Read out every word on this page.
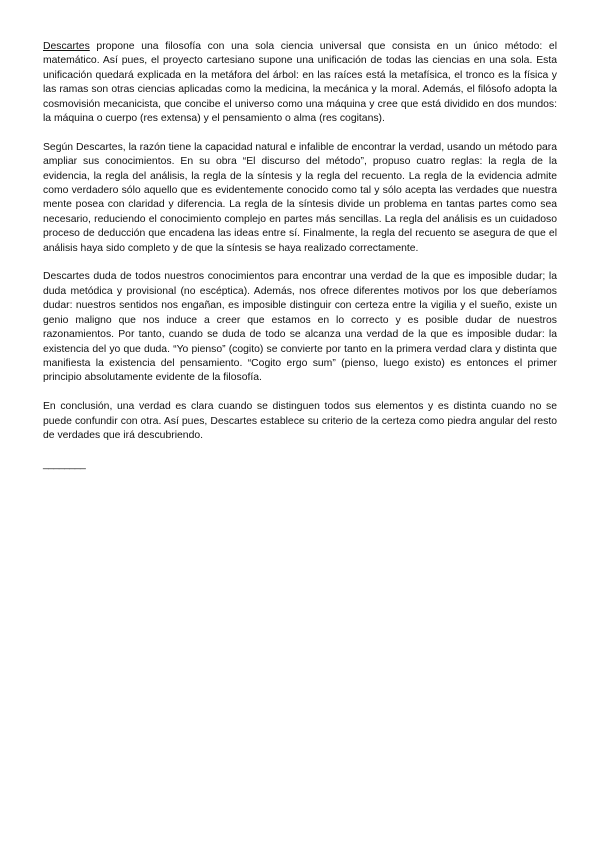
Descartes propone una filosofía con una sola ciencia universal que consista en un único método: el matemático. Así pues, el proyecto cartesiano supone una unificación de todas las ciencias en una sola. Esta unificación quedará explicada en la metáfora del árbol: en las raíces está la metafísica, el tronco es la física y las ramas son otras ciencias aplicadas como la medicina, la mecánica y la moral. Además, el filósofo adopta la cosmovisión mecanicista, que concibe el universo como una máquina y cree que está dividido en dos mundos: la máquina o cuerpo (res extensa) y el pensamiento o alma (res cogitans).

Según Descartes, la razón tiene la capacidad natural e infalible de encontrar la verdad, usando un método para ampliar sus conocimientos. En su obra “El discurso del método”, propuso cuatro reglas: la regla de la evidencia, la regla del análisis, la regla de la síntesis y la regla del recuento. La regla de la evidencia admite como verdadero sólo aquello que es evidentemente conocido como tal y sólo acepta las verdades que nuestra mente posea con claridad y diferencia. La regla de la síntesis divide un problema en tantas partes como sea necesario, reduciendo el conocimiento complejo en partes más sencillas. La regla del análisis es un cuidadoso proceso de deducción que encadena las ideas entre sí. Finalmente, la regla del recuento se asegura de que el análisis haya sido completo y de que la síntesis se haya realizado correctamente.

Descartes duda de todos nuestros conocimientos para encontrar una verdad de la que es imposible dudar; la duda metódica y provisional (no escéptica). Además, nos ofrece diferentes motivos por los que deberíamos dudar: nuestros sentidos nos engañan, es imposible distinguir con certeza entre la vigilia y el sueño, existe un genio maligno que nos induce a creer que estamos en lo correcto y es posible dudar de nuestros razonamientos. Por tanto, cuando se duda de todo se alcanza una verdad de la que es imposible dudar: la existencia del yo que duda. “Yo pienso” (cogito) se convierte por tanto en la primera verdad clara y distinta que manifiesta la existencia del pensamiento. “Cogito ergo sum” (pienso, luego existo) es entonces el primer principio absolutamente evidente de la filosofía.

En conclusión, una verdad es clara cuando se distinguen todos sus elementos y es distinta cuando no se puede confundir con otra. Así pues, Descartes establece su criterio de la certeza como piedra angular del resto de verdades que irá descubriendo.

________
